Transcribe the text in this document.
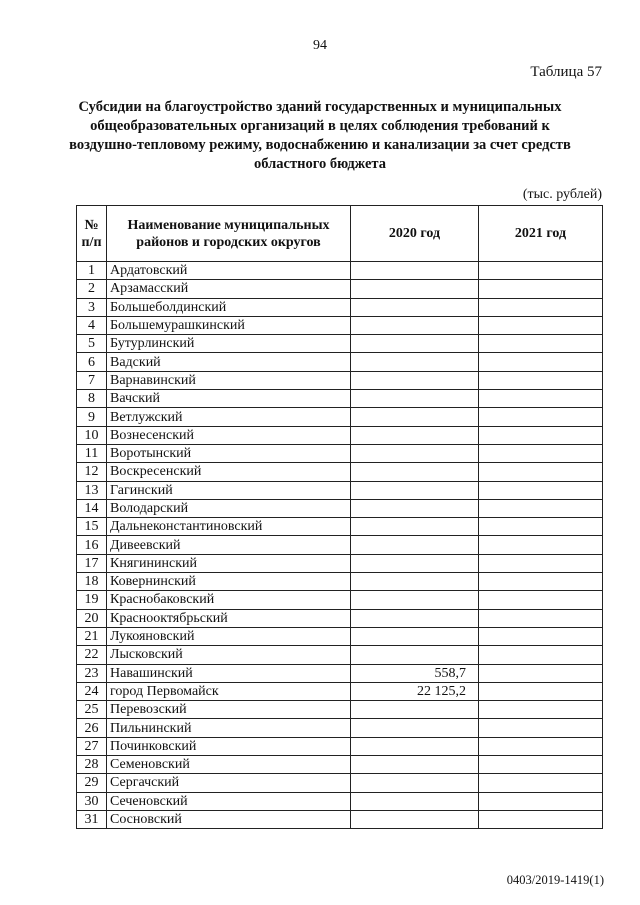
94
Таблица 57
Субсидии на благоустройство зданий государственных и муниципальных общеобразовательных организаций в целях соблюдения требований к воздушно-тепловому режиму, водоснабжению и канализации за счет средств областного бюджета
(тыс. рублей)
№ п/п	Наименование муниципальных районов и городских округов	2020 год	2021 год
1	Ардатовский		
2	Арзамасский		
3	Большеболдинский		
4	Большемурашкинский		
5	Бутурлинский		
6	Вадский		
7	Варнавинский		
8	Вачский		
9	Ветлужский		
10	Вознесенский		
11	Воротынский		
12	Воскресенский		
13	Гагинский		
14	Володарский		
15	Дальнеконстантиновский		
16	Дивеевский		
17	Княгининский		
18	Ковернинский		
19	Краснобаковский		
20	Краснооктябрьский		
21	Лукояновский		
22	Лысковский		
23	Навашинский	558,7	
24	город Первомайск	22 125,2	
25	Перевозский		
26	Пильнинский		
27	Починковский		
28	Семеновский		
29	Сергачский		
30	Сеченовский		
31	Сосновский		
0403/2019-1419(1)
